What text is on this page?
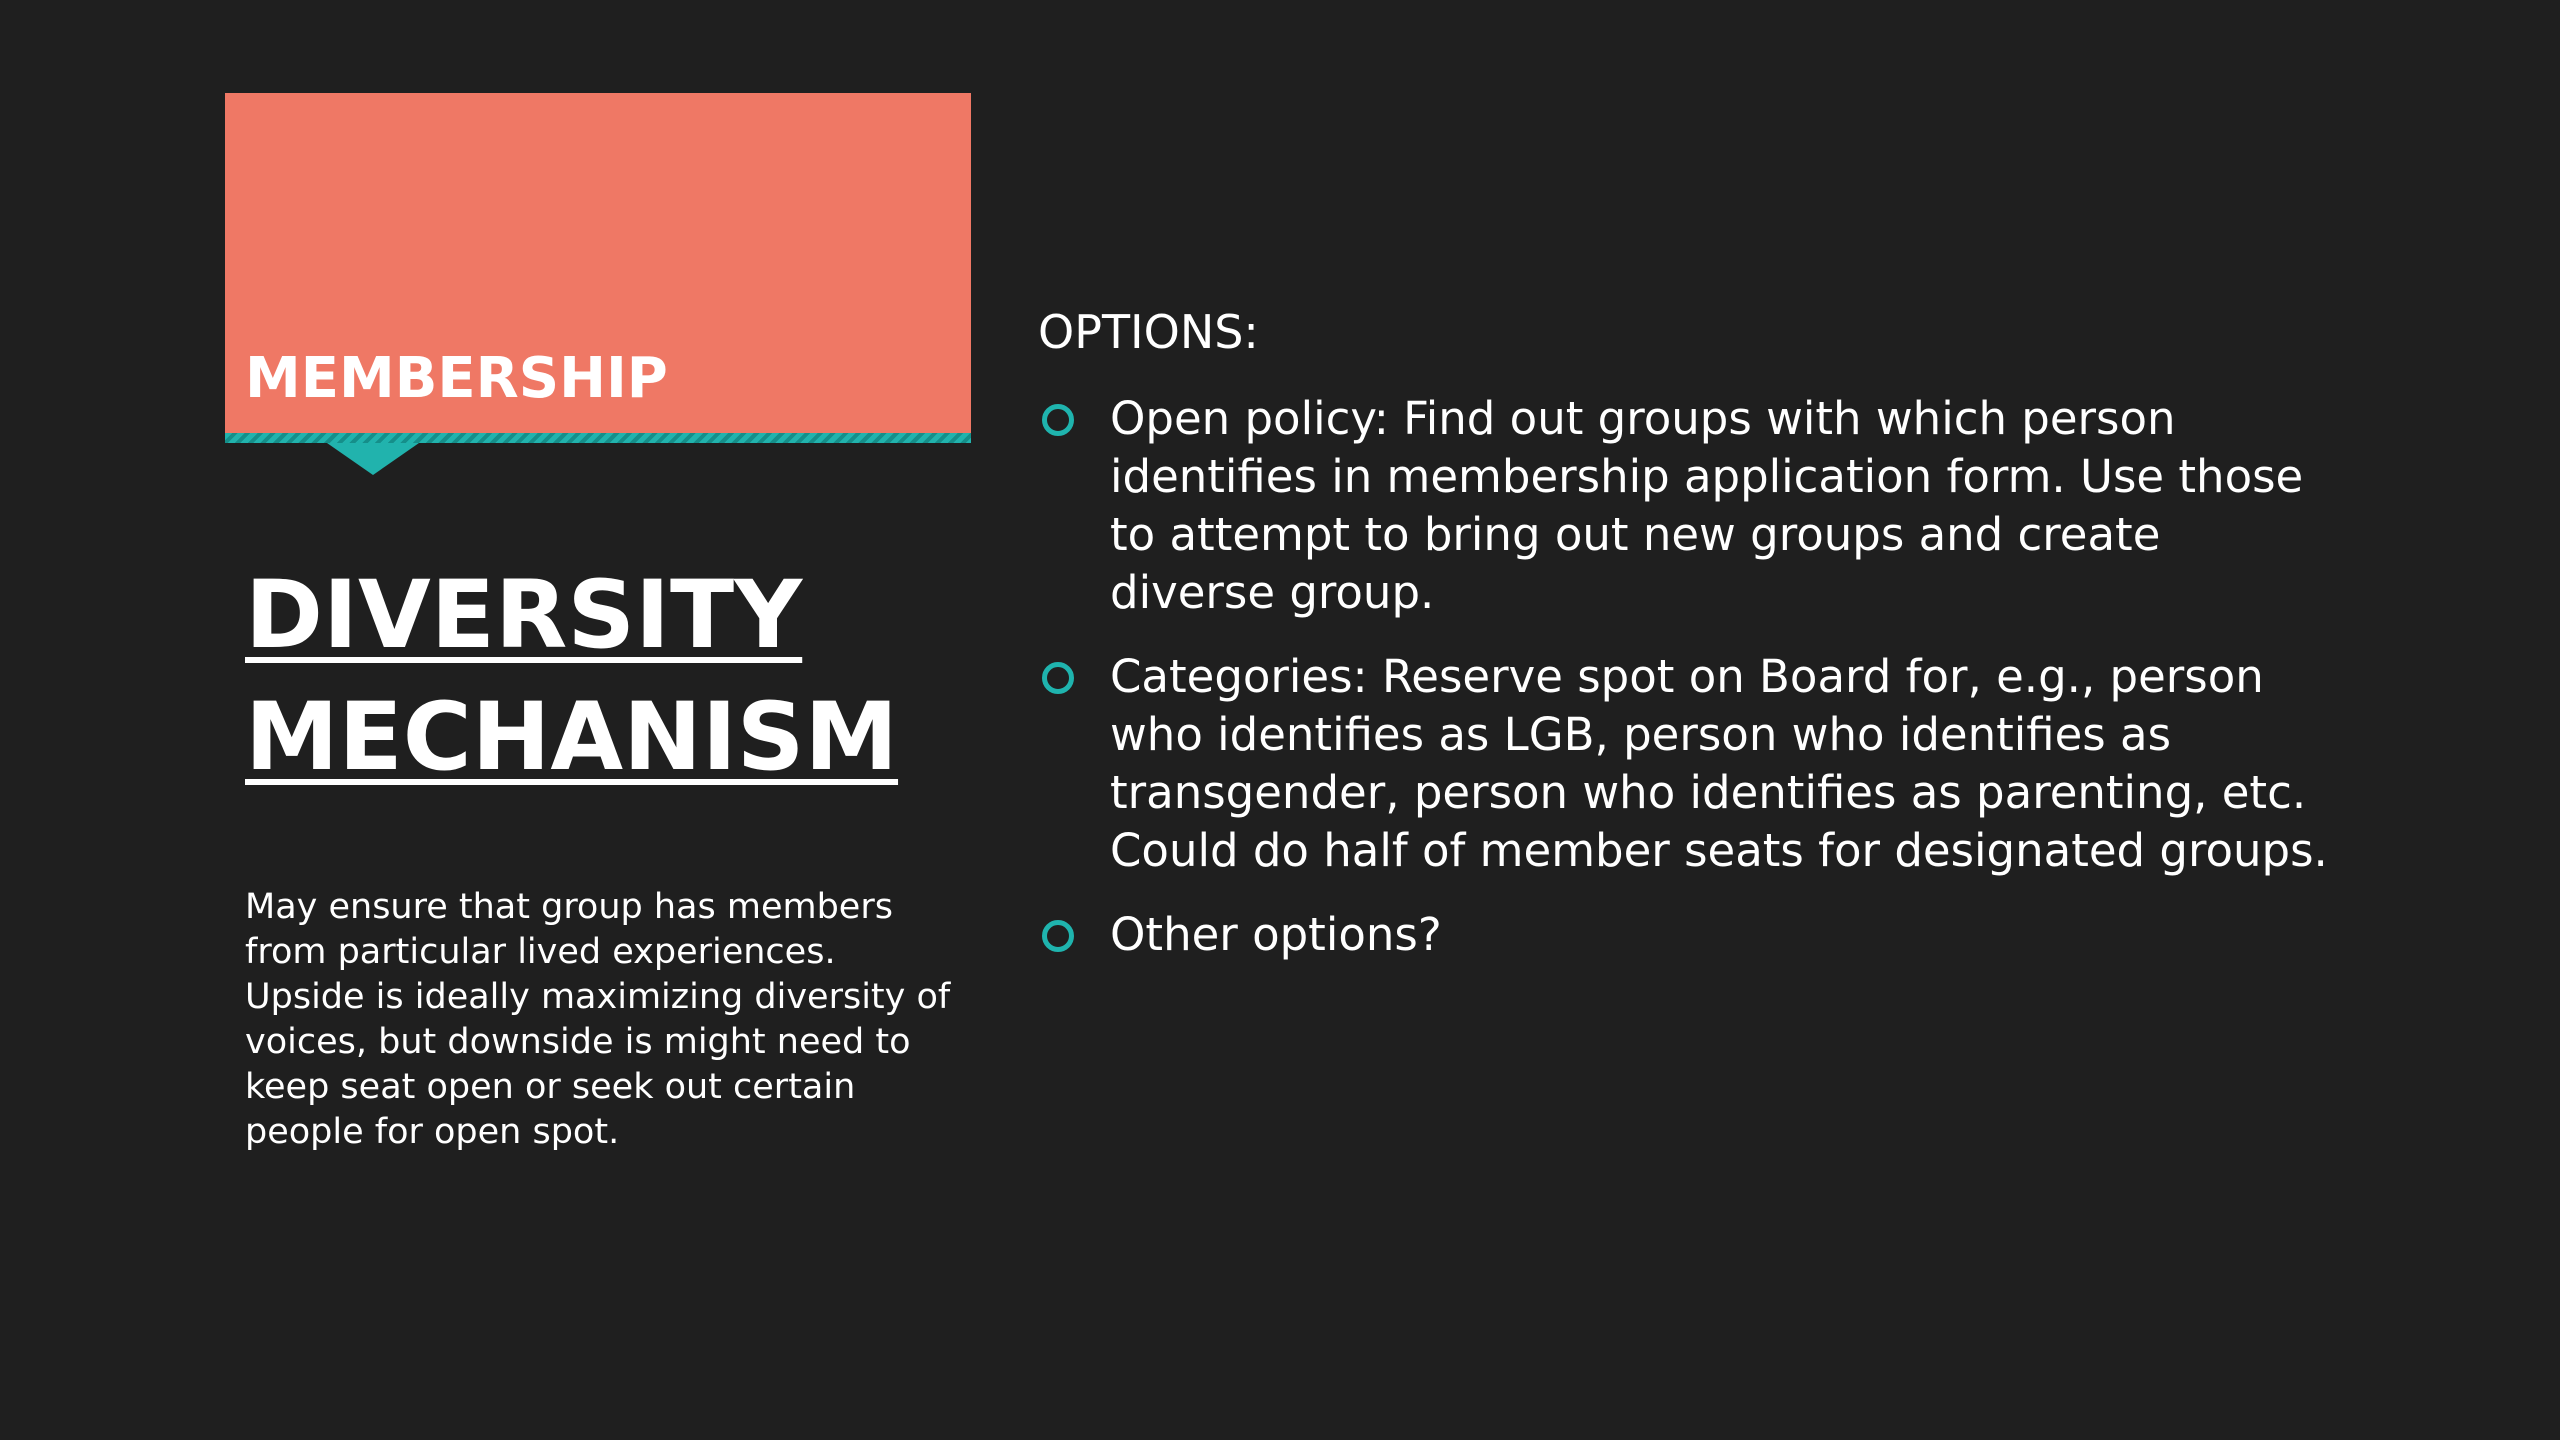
MEMBERSHIP
DIVERSITY
MECHANISM
May ensure that group has members from particular lived experiences. Upside is ideally maximizing diversity of voices, but downside is might need to keep seat open or seek out certain people for open spot.
OPTIONS:
Open policy: Find out groups with which person identifies in membership application form. Use those to attempt to bring out new groups and create diverse group.
Categories: Reserve spot on Board for, e.g., person who identifies as LGB, person who identifies as transgender, person who identifies as parenting, etc. Could do half of member seats for designated groups.
Other options?
